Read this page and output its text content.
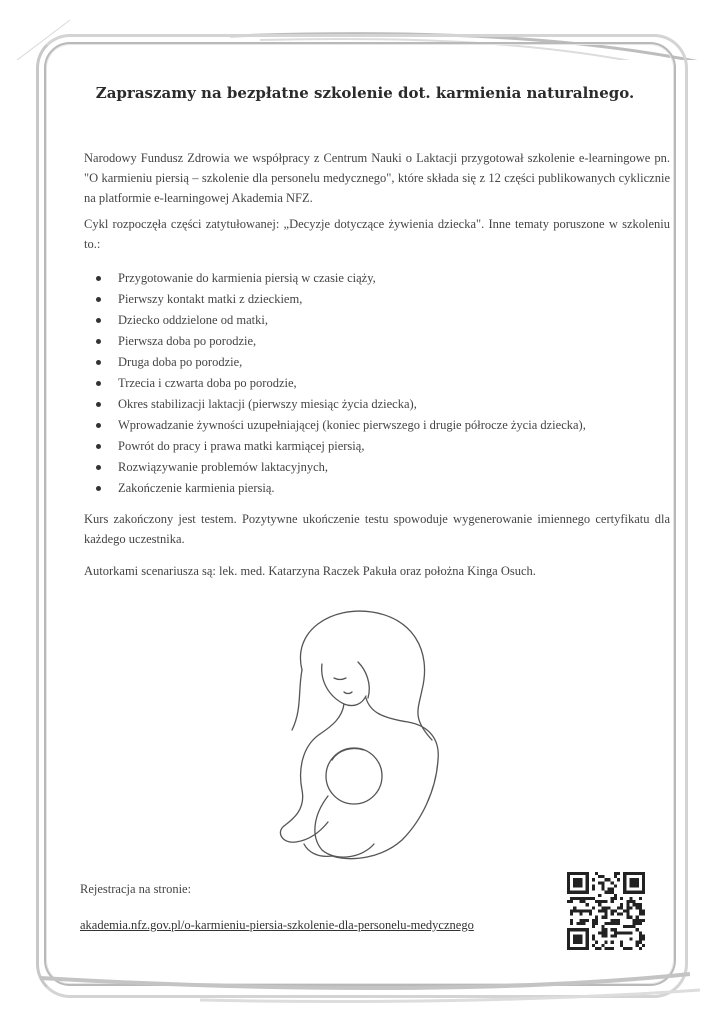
Zapraszamy na bezpłatne szkolenie dot. karmienia naturalnego.

Narodowy Fundusz Zdrowia we współpracy z Centrum Nauki o Laktacji przygotował szkolenie e-learningowe pn. "O karmieniu piersią – szkolenie dla personelu medycznego", które składa się z 12 części publikowanych cyklicznie na platformie e-learningowej Akademia NFZ.

Cykl rozpoczęła części zatytułowanej: „Decyzje dotyczące żywienia dziecka". Inne tematy poruszone w szkoleniu to.:

Przygotowanie do karmienia piersią w czasie ciąży,
Pierwszy kontakt matki z dzieckiem,
Dziecko oddzielone od matki,
Pierwsza doba po porodzie,
Druga doba po porodzie,
Trzecia i czwarta doba po porodzie,
Okres stabilizacji laktacji (pierwszy miesiąc życia dziecka),
Wprowadzanie żywności uzupełniającej (koniec pierwszego i drugie półrocze życia dziecka),
Powrót do pracy i prawa matki karmiącej piersią,
Rozwiązywanie problemów laktacyjnych,
Zakończenie karmienia piersią.

Kurs zakończony jest testem. Pozytywne ukończenie testu spowoduje wygenerowanie imiennego certyfikatu dla każdego uczestnika.

Autorkami scenariusza są: lek. med. Katarzyna Raczek Pakuła oraz położna Kinga Osuch.

Rejestracja na stronie:
akademia.nfz.gov.pl/o-karmieniu-piersia-szkolenie-dla-personelu-medycznego
